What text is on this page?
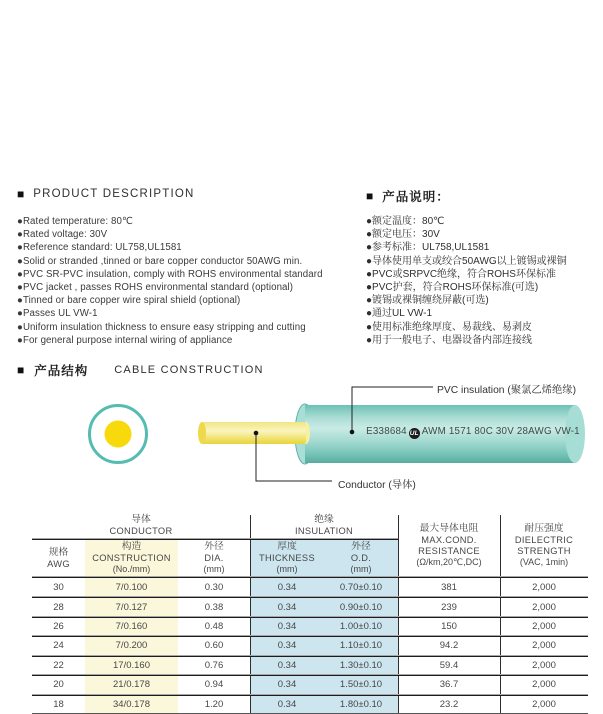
■ PRODUCT DESCRIPTION
●Rated temperature: 80℃
●Rated voltage: 30V
●Reference standard: UL758,UL1581
●Solid or stranded ,tinned or bare copper conductor 50AWG min.
●PVC SR-PVC insulation, comply with ROHS environmental standard
●PVC jacket , passes ROHS environmental standard (optional)
●Tinned or bare copper wire spiral shield (optional)
●Passes UL VW-1
●Uniform insulation thickness to ensure easy stripping and cutting
●For general purpose internal wiring of appliance
■ 产品说明：
●额定温度：80℃
●额定电压：30V
●参考标准：UL758,UL1581
●导体使用单支或绞合50AWG以上镀锡或裸铜
●PVC或SRPVC绝缘，符合ROHS环保标准
●PVC护套，符合ROHS环保标准(可选)
●镀锡或裸铜缠绕屏蔽(可选)
●通过UL VW-1
●使用标准绝缘厚度、易裁线、易剥皮
●用于一般电子、电器设备内部连接线
■ 产品结构 CABLE CONSTRUCTION
PVC insulation (聚氯乙烯绝缘)
E338684 UL AWM 1571 80C 30V 28AWG VW-1
Conductor (导体)
导体
CONDUCTOR
绝缘
INSULATION	最大导体电阻
MAX.COND.
RESISTANCE
(Ω/km,20℃,DC)
耐压强度
DIELECTRIC
STRENGTH
(VAC, 1min)
规格
AWG
构造
CONSTRUCTION
(No./mm)
外径
DIA.
(mm)
厚度
THICKNESS
(mm)
外径
O.D.
(mm)
30	7/0.100	0.30	0.34	0.70±0.10	381	2,000
28	7/0.127	0.38	0.34	0.90±0.10	239	2,000
26	7/0.160	0.48	0.34	1.00±0.10	150	2,000
24	7/0.200	0.60	0.34	1.10±0.10	94.2	2,000
22	17/0.160	0.76	0.34	1.30±0.10	59.4	2,000
20	21/0.178	0.94	0.34	1.50±0.10	36.7	2,000
18	34/0.178	1.20	0.34	1.80±0.10	23.2	2,000
